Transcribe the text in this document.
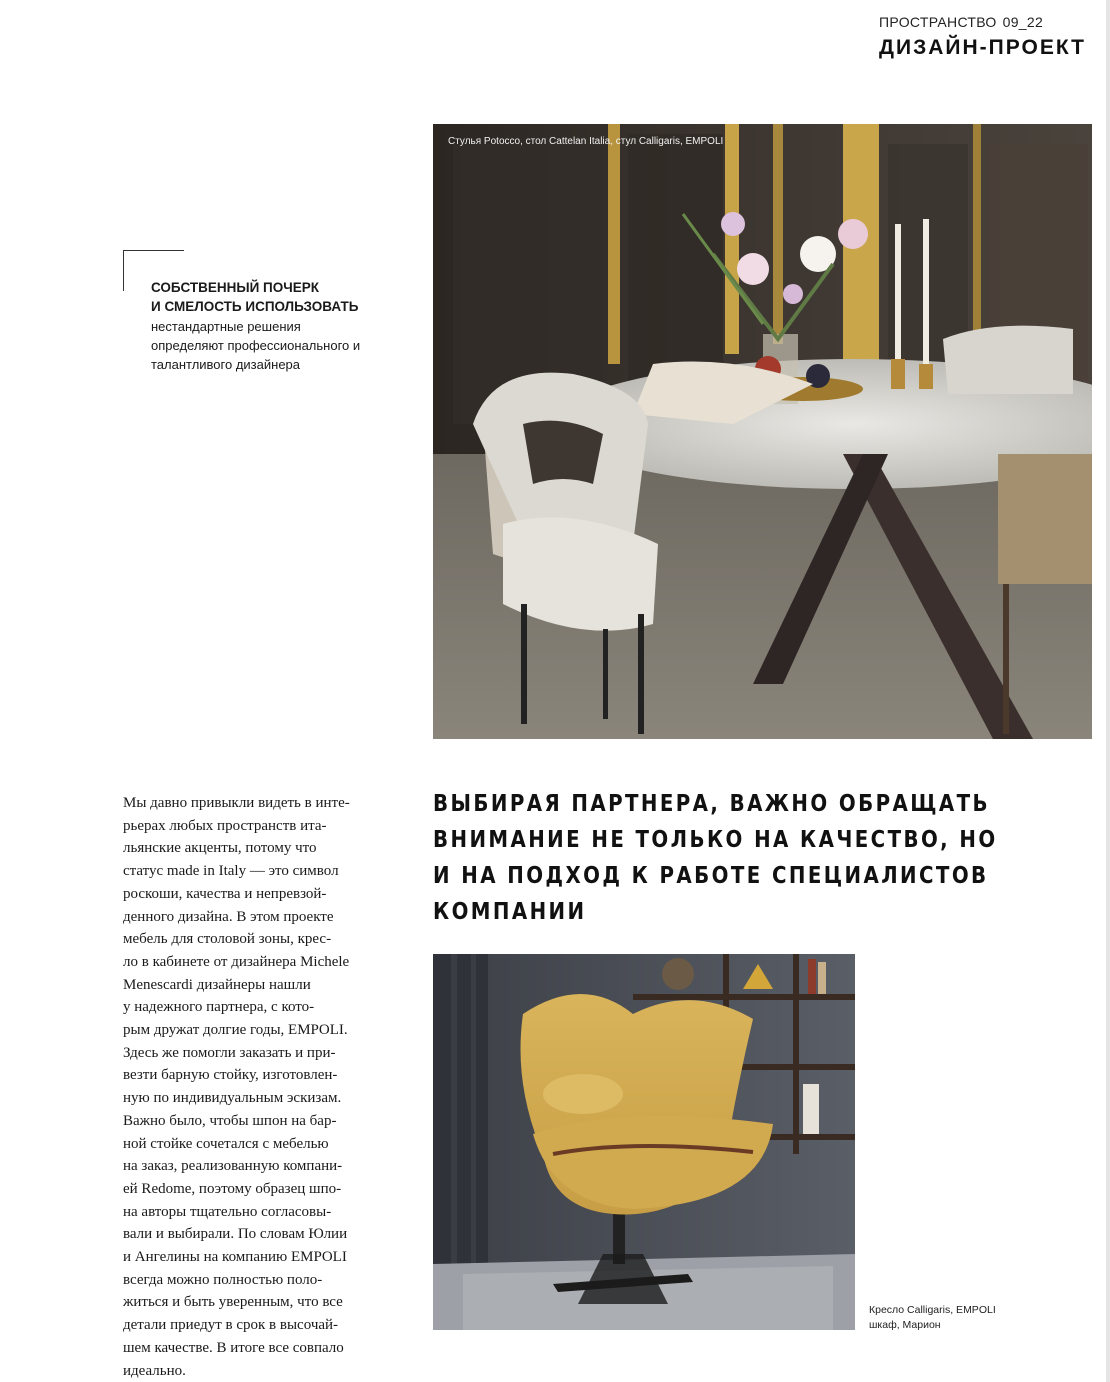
ПРОСТРАНСТВО 09_22
ДИЗАЙН-ПРОЕКТ
Стулья Potocco, стол Cattelan Italia, стул Calligaris, EMPOLI
СОБСТВЕННЫЙ ПОЧЕРК
И СМЕЛОСТЬ ИСПОЛЬЗОВАТЬ
нестандартные решения
определяют профессионального и
талантливого дизайнера
Мы давно привыкли видеть в инте-
рьерах любых пространств ита-
льянские акценты, потому что
статус made in Italy — это символ
роскоши, качества и непревзой-
денного дизайна. В этом проекте
мебель для столовой зоны, крес-
ло в кабинете от дизайнера Michele
Menescardi дизайнеры нашли
у надежного партнера, с кото-
рым дружат долгие годы, EMPOLI.
Здесь же помогли заказать и при-
везти барную стойку, изготовлен-
ную по индивидуальным эскизам.
Важно было, чтобы шпон на бар-
ной стойке сочетался с мебелью
на заказ, реализованную компани-
ей Redome, поэтому образец шпо-
на авторы тщательно согласовы-
вали и выбирали. По словам Юлии
и Ангелины на компанию EMPOLI
всегда можно полностью поло-
житься и быть уверенным, что все
детали приедут в срок в высочай-
шем качестве. В итоге все совпало
идеально.
ВЫБИРАЯ ПАРТНЕРА, ВАЖНО ОБРАЩАТЬ
ВНИМАНИЕ НЕ ТОЛЬКО НА КАЧЕСТВО, НО
И НА ПОДХОД К РАБОТЕ СПЕЦИАЛИСТОВ
КОМПАНИИ
Кресло Calligaris, EMPOLI
шкаф, Марион
